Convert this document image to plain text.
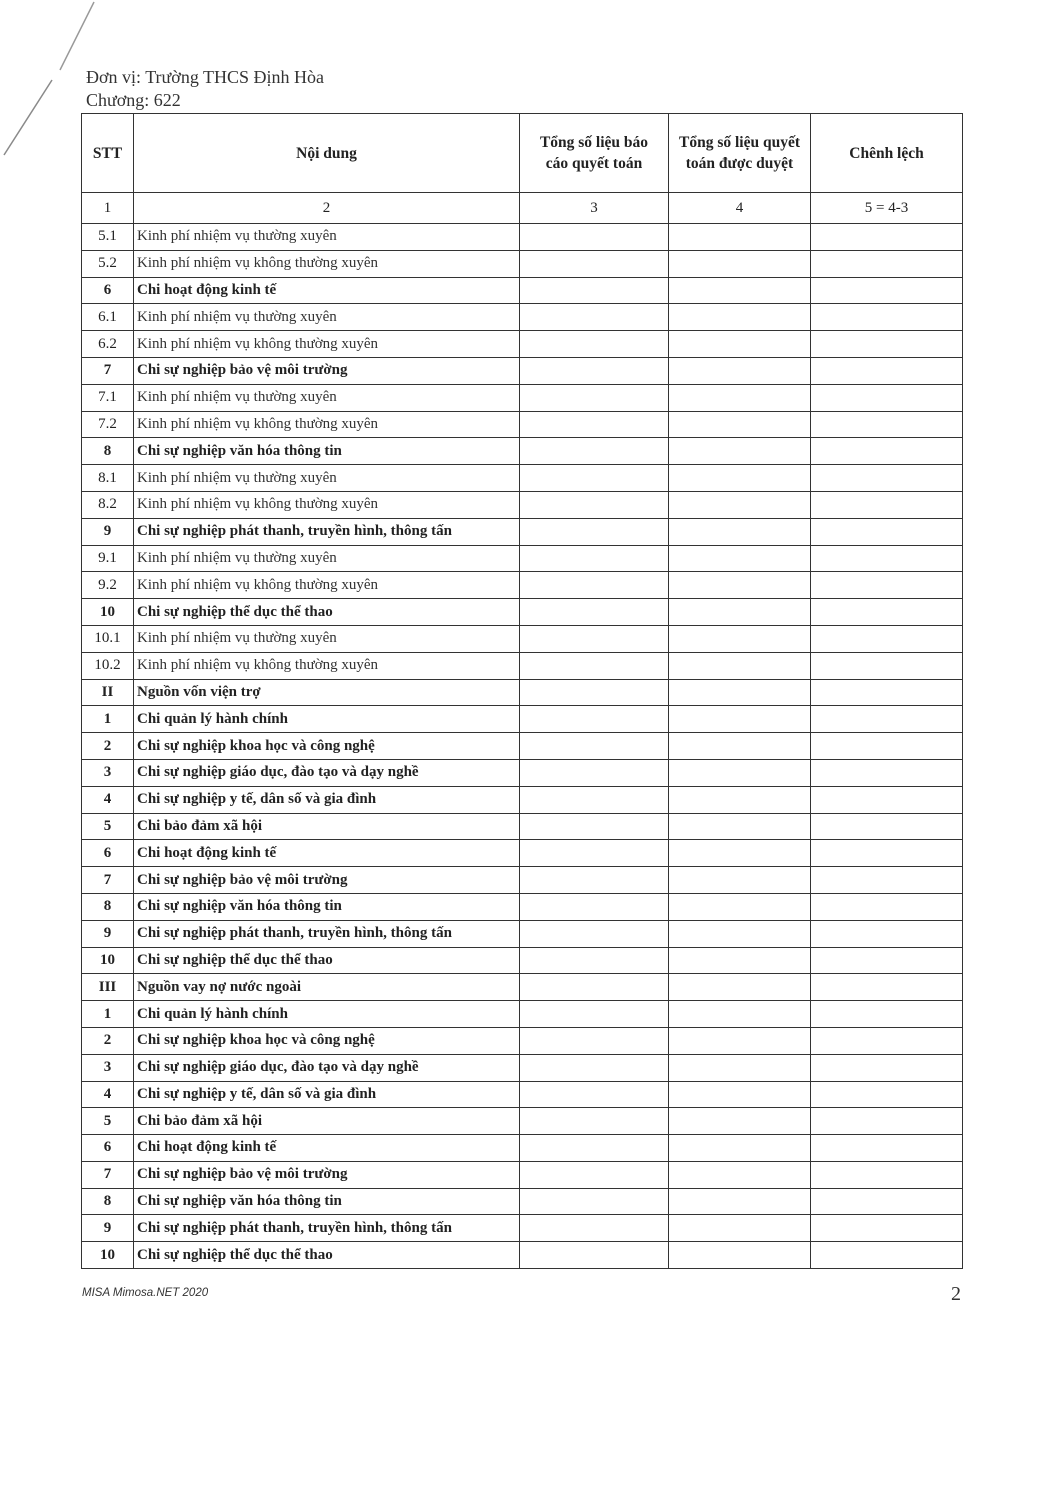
Đơn vị: Trường THCS Định Hòa
Chương: 622
STT	Nội dung	Tổng số liệu báo cáo quyết toán	Tổng số liệu quyết toán được duyệt	Chênh lệch
1	2	3	4	5 = 4-3
5.1	Kinh phí nhiệm vụ thường xuyên			
5.2	Kinh phí nhiệm vụ không thường xuyên			
6	Chi hoạt động kinh tế			
6.1	Kinh phí nhiệm vụ thường xuyên			
6.2	Kinh phí nhiệm vụ không thường xuyên			
7	Chi sự nghiệp bảo vệ môi trường			
7.1	Kinh phí nhiệm vụ thường xuyên			
7.2	Kinh phí nhiệm vụ không thường xuyên			
8	Chi sự nghiệp văn hóa thông tin			
8.1	Kinh phí nhiệm vụ thường xuyên			
8.2	Kinh phí nhiệm vụ không thường xuyên			
9	Chi sự nghiệp phát thanh, truyền hình, thông tấn			
9.1	Kinh phí nhiệm vụ thường xuyên			
9.2	Kinh phí nhiệm vụ không thường xuyên			
10	Chi sự nghiệp thể dục thể thao			
10.1	Kinh phí nhiệm vụ thường xuyên			
10.2	Kinh phí nhiệm vụ không thường xuyên			
II	Nguồn vốn viện trợ			
1	Chi quản lý hành chính			
2	Chi sự nghiệp khoa học và công nghệ			
3	Chi sự nghiệp giáo dục, đào tạo và dạy nghề			
4	Chi sự nghiệp y tế, dân số và gia đình			
5	Chi bảo đảm xã hội			
6	Chi hoạt động kinh tế			
7	Chi sự nghiệp bảo vệ môi trường			
8	Chi sự nghiệp văn hóa thông tin			
9	Chi sự nghiệp phát thanh, truyền hình, thông tấn			
10	Chi sự nghiệp thể dục thể thao			
III	Nguồn vay nợ nước ngoài			
1	Chi quản lý hành chính			
2	Chi sự nghiệp khoa học và công nghệ			
3	Chi sự nghiệp giáo dục, đào tạo và dạy nghề			
4	Chi sự nghiệp y tế, dân số và gia đình			
5	Chi bảo đảm xã hội			
6	Chi hoạt động kinh tế			
7	Chi sự nghiệp bảo vệ môi trường			
8	Chi sự nghiệp văn hóa thông tin			
9	Chi sự nghiệp phát thanh, truyền hình, thông tấn			
10	Chi sự nghiệp thể dục thể thao			
MISA Mimosa.NET 2020	2
